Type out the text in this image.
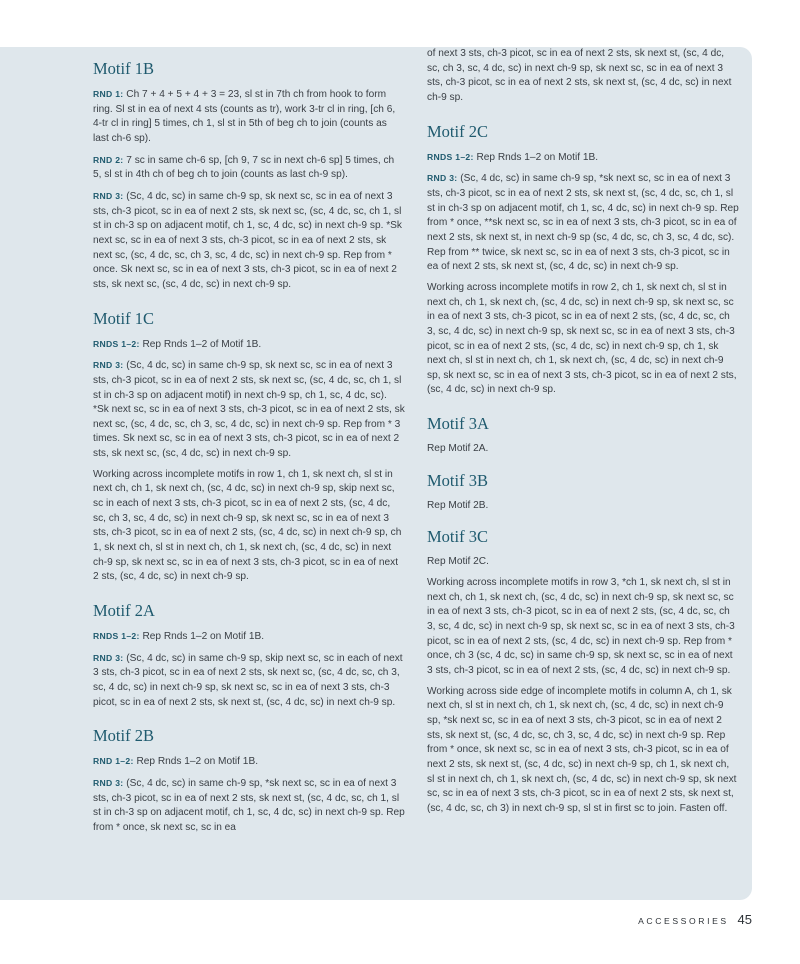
Motif 1B

RND 1: Ch 7 + 4 + 5 + 4 + 3 = 23, sl st in 7th ch from hook to form ring. Sl st in ea of next 4 sts (counts as tr), work 3-tr cl in ring, [ch 6, 4-tr cl in ring] 5 times, ch 1, sl st in 5th of beg ch to join (counts as last ch-6 sp).

RND 2: 7 sc in same ch-6 sp, [ch 9, 7 sc in next ch-6 sp] 5 times, ch 5, sl st in 4th ch of beg ch to join (counts as last ch-9 sp).

RND 3: (Sc, 4 dc, sc) in same ch-9 sp, sk next sc, sc in ea of next 3 sts, ch-3 picot, sc in ea of next 2 sts, sk next sc, (sc, 4 dc, sc, ch 1, sl st in ch-3 sp on adjacent motif, ch 1, sc, 4 dc, sc) in next ch-9 sp. *Sk next sc, sc in ea of next 3 sts, ch-3 picot, sc in ea of next 2 sts, sk next sc, (sc, 4 dc, sc, ch 3, sc, 4 dc, sc) in next ch-9 sp. Rep from * once. Sk next sc, sc in ea of next 3 sts, ch-3 picot, sc in ea of next 2 sts, sk next sc, (sc, 4 dc, sc) in next ch-9 sp.

Motif 1C

RNDS 1–2: Rep Rnds 1–2 of Motif 1B.

RND 3: (Sc, 4 dc, sc) in same ch-9 sp, sk next sc, sc in ea of next 3 sts, ch-3 picot, sc in ea of next 2 sts, sk next sc, (sc, 4 dc, sc, ch 1, sl st in ch-3 sp on adjacent motif) in next ch-9 sp, ch 1, sc, 4 dc, sc). *Sk next sc, sc in ea of next 3 sts, ch-3 picot, sc in ea of next 2 sts, sk next sc, (sc, 4 dc, sc, ch 3, sc, 4 dc, sc) in next ch-9 sp. Rep from * 3 times. Sk next sc, sc in ea of next 3 sts, ch-3 picot, sc in ea of next 2 sts, sk next sc, (sc, 4 dc, sc) in next ch-9 sp.

Working across incomplete motifs in row 1, ch 1, sk next ch, sl st in next ch, ch 1, sk next ch, (sc, 4 dc, sc) in next ch-9 sp, skip next sc, sc in each of next 3 sts, ch-3 picot, sc in ea of next 2 sts, (sc, 4 dc, sc, ch 3, sc, 4 dc, sc) in next ch-9 sp, sk next sc, sc in ea of next 3 sts, ch-3 picot, sc in ea of next 2 sts, (sc, 4 dc, sc) in next ch-9 sp, ch 1, sk next ch, sl st in next ch, ch 1, sk next ch, (sc, 4 dc, sc) in next ch-9 sp, sk next sc, sc in ea of next 3 sts, ch-3 picot, sc in ea of next 2 sts, (sc, 4 dc, sc) in next ch-9 sp.

Motif 2A

RNDS 1–2: Rep Rnds 1–2 on Motif 1B.

RND 3: (Sc, 4 dc, sc) in same ch-9 sp, skip next sc, sc in each of next 3 sts, ch-3 picot, sc in ea of next 2 sts, sk next sc, (sc, 4 dc, sc, ch 3, sc, 4 dc, sc) in next ch-9 sp, sk next sc, sc in ea of next 3 sts, ch-3 picot, sc in ea of next 2 sts, sk next st, (sc, 4 dc, sc) in next ch-9 sp.

Motif 2B

RND 1–2: Rep Rnds 1–2 on Motif 1B.

RND 3: (Sc, 4 dc, sc) in same ch-9 sp, *sk next sc, sc in ea of next 3 sts, ch-3 picot, sc in ea of next 2 sts, sk next st, (sc, 4 dc, sc, ch 1, sl st in ch-3 sp on adjacent motif, ch 1, sc, 4 dc, sc) in next ch-9 sp. Rep from * once, sk next sc, sc in ea

of next 3 sts, ch-3 picot, sc in ea of next 2 sts, sk next st, (sc, 4 dc, sc, ch 3, sc, 4 dc, sc) in next ch-9 sp, sk next sc, sc in ea of next 3 sts, ch-3 picot, sc in ea of next 2 sts, sk next st, (sc, 4 dc, sc) in next ch-9 sp.

Motif 2C

RNDS 1–2: Rep Rnds 1–2 on Motif 1B.

RND 3: (Sc, 4 dc, sc) in same ch-9 sp, *sk next sc, sc in ea of next 3 sts, ch-3 picot, sc in ea of next 2 sts, sk next st, (sc, 4 dc, sc, ch 1, sl st in ch-3 sp on adjacent motif, ch 1, sc, 4 dc, sc) in next ch-9 sp. Rep from * once, **sk next sc, sc in ea of next 3 sts, ch-3 picot, sc in ea of next 2 sts, sk next st, in next ch-9 sp (sc, 4 dc, sc, ch 3, sc, 4 dc, sc). Rep from ** twice, sk next sc, sc in ea of next 3 sts, ch-3 picot, sc in ea of next 2 sts, sk next st, (sc, 4 dc, sc) in next ch-9 sp.

Working across incomplete motifs in row 2, ch 1, sk next ch, sl st in next ch, ch 1, sk next ch, (sc, 4 dc, sc) in next ch-9 sp, sk next sc, sc in ea of next 3 sts, ch-3 picot, sc in ea of next 2 sts, (sc, 4 dc, sc, ch 3, sc, 4 dc, sc) in next ch-9 sp, sk next sc, sc in ea of next 3 sts, ch-3 picot, sc in ea of next 2 sts, (sc, 4 dc, sc) in next ch-9 sp, ch 1, sk next ch, sl st in next ch, ch 1, sk next ch, (sc, 4 dc, sc) in next ch-9 sp, sk next sc, sc in ea of next 3 sts, ch-3 picot, sc in ea of next 2 sts, (sc, 4 dc, sc) in next ch-9 sp.

Motif 3A

Rep Motif 2A.

Motif 3B

Rep Motif 2B.

Motif 3C

Rep Motif 2C.

Working across incomplete motifs in row 3, *ch 1, sk next ch, sl st in next ch, ch 1, sk next ch, (sc, 4 dc, sc) in next ch-9 sp, sk next sc, sc in ea of next 3 sts, ch-3 picot, sc in ea of next 2 sts, (sc, 4 dc, sc, ch 3, sc, 4 dc, sc) in next ch-9 sp, sk next sc, sc in ea of next 3 sts, ch-3 picot, sc in ea of next 2 sts, (sc, 4 dc, sc) in next ch-9 sp. Rep from * once, ch 3 (sc, 4 dc, sc) in same ch-9 sp, sk next sc, sc in ea of next 3 sts, ch-3 picot, sc in ea of next 2 sts, (sc, 4 dc, sc) in next ch-9 sp.

Working across side edge of incomplete motifs in column A, ch 1, sk next ch, sl st in next ch, ch 1, sk next ch, (sc, 4 dc, sc) in next ch-9 sp, *sk next sc, sc in ea of next 3 sts, ch-3 picot, sc in ea of next 2 sts, sk next st, (sc, 4 dc, sc, ch 3, sc, 4 dc, sc) in next ch-9 sp. Rep from * once, sk next sc, sc in ea of next 3 sts, ch-3 picot, sc in ea of next 2 sts, sk next st, (sc, 4 dc, sc) in next ch-9 sp, ch 1, sk next ch, sl st in next ch, ch 1, sk next ch, (sc, 4 dc, sc) in next ch-9 sp, sk next sc, sc in ea of next 3 sts, ch-3 picot, sc in ea of next 2 sts, sk next st, (sc, 4 dc, sc, ch 3) in next ch-9 sp, sl st in first sc to join. Fasten off.

ACCESSORIES 45
